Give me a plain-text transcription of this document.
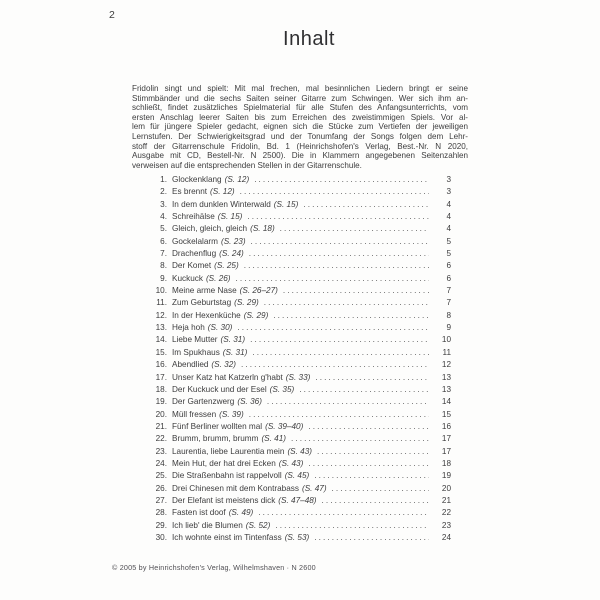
2
Inhalt
Fridolin singt und spielt: Mit mal frechen, mal besinnlichen Liedern bringt er seine
Stimmbänder und die sechs Saiten seiner Gitarre zum Schwingen. Wer sich ihm an-
schließt, findet zusätzliches Spielmaterial für alle Stufen des Anfangsunterrichts, vom
ersten Anschlag leerer Saiten bis zum Erreichen des zweistimmigen Spiels. Vor al-
lem für jüngere Spieler gedacht, eignen sich die Stücke zum Vertiefen der jeweiligen
Lernstufen. Der Schwierigkeitsgrad und der Tonumfang der Songs folgen dem Lehr-
stoff der Gitarrenschule Fridolin, Bd. 1 (Heinrichshofen's Verlag, Best.-Nr. N 2020,
Ausgabe mit CD, Bestell-Nr. N 2500). Die in Klammern angegebenen Seitenzahlen
verweisen auf die entsprechenden Stellen in der Gitarrenschule.
1. Glockenklang (S. 12) .....	3
2. Es brennt (S. 12) .....	3
3. In dem dunklen Winterwald (S. 15) .....	4
4. Schreihälse (S. 15) .....	4
5. Gleich, gleich, gleich (S. 18) .....	4
6. Gockelalarm (S. 23) .....	5
7. Drachenflug (S. 24) .....	5
8. Der Komet (S. 25) .....	6
9. Kuckuck (S. 26) .....	6
10. Meine arme Nase (S. 26–27) .....	7
11. Zum Geburtstag (S. 29) .....	7
12. In der Hexenküche (S. 29) .....	8
13. Heja hoh (S. 30) .....	9
14. Liebe Mutter (S. 31) .....	10
15. Im Spukhaus (S. 31) .....	11
16. Abendlied (S. 32) .....	12
17. Unser Katz hat Katzerln g'habt (S. 33) .....	13
18. Der Kuckuck und der Esel (S. 35) .....	13
19. Der Gartenzwerg (S. 36) .....	14
20. Müll fressen (S. 39) .....	15
21. Fünf Berliner wollten mal (S. 39–40) .....	16
22. Brumm, brumm, brumm (S. 41) .....	17
23. Laurentia, liebe Laurentia mein (S. 43) .....	17
24. Mein Hut, der hat drei Ecken (S. 43) .....	18
25. Die Straßenbahn ist rappelvoll (S. 45) .....	19
26. Drei Chinesen mit dem Kontrabass (S. 47) .....	20
27. Der Elefant ist meistens dick (S. 47–48) .....	21
28. Fasten ist doof (S. 49) .....	22
29. Ich lieb' die Blumen (S. 52) .....	23
30. Ich wohnte einst im Tintenfass (S. 53) .....	24
© 2005 by Heinrichshofen's Verlag, Wilhelmshaven · N 2600
